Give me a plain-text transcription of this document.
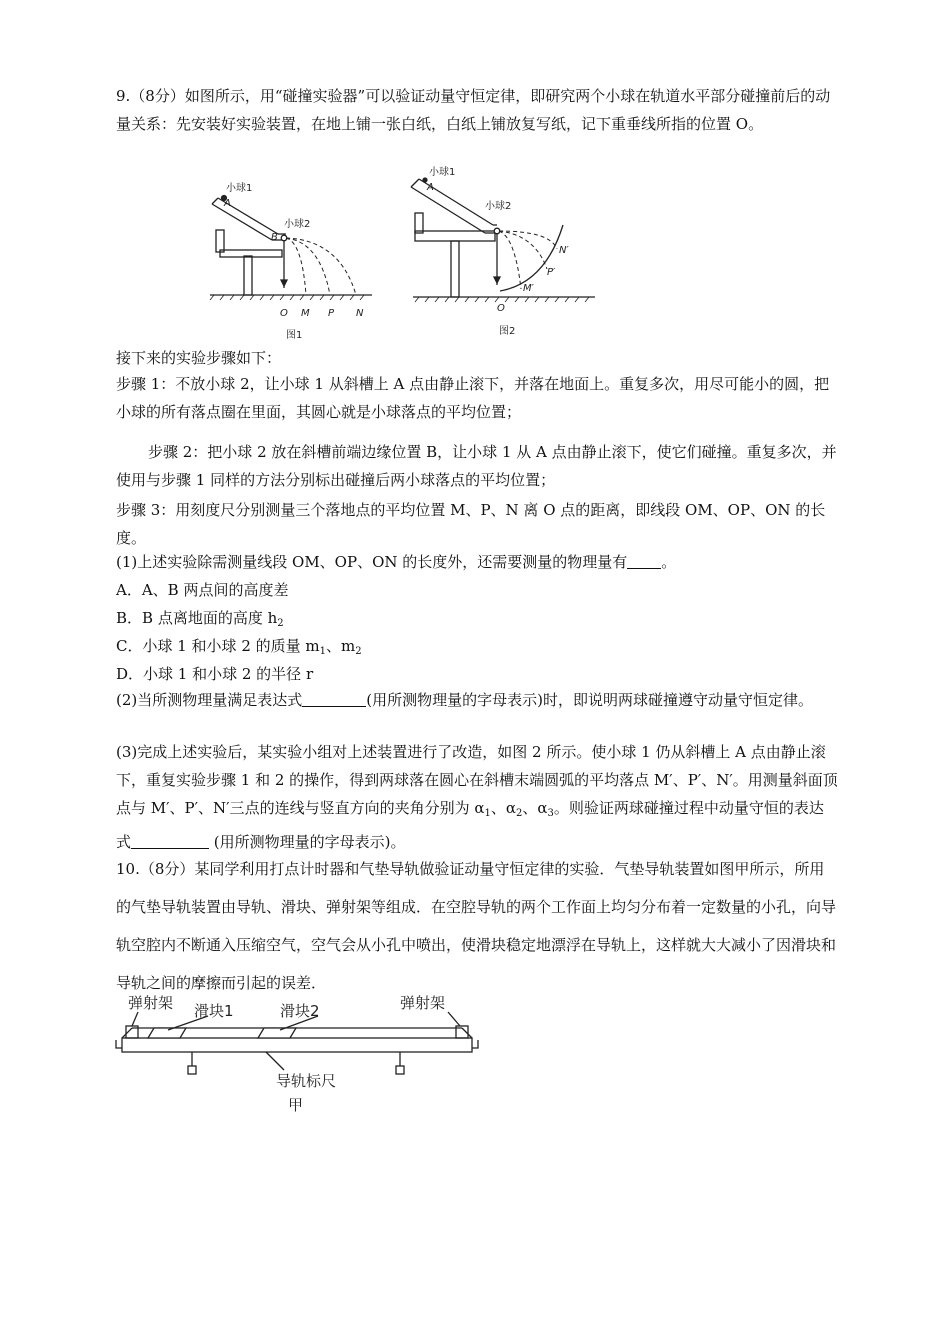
9.（8分）如图所示，用“碰撞实验器”可以验证动量守恒定律，即研究两个小球在轨道水平部分碰撞前后的动量关系：先安装好实验装置，在地上铺一张白纸，白纸上铺放复写纸，记下重垂线所指的位置 O。
小球1
A
小球2
B
O M P N
图1
小球1
A
小球2
N′
P′
M′
O
图2
接下来的实验步骤如下：
步骤 1：不放小球 2，让小球 1 从斜槽上 A 点由静止滚下，并落在地面上。重复多次，用尽可能小的圆，把小球的所有落点圈在里面，其圆心就是小球落点的平均位置；
步骤 2：把小球 2 放在斜槽前端边缘位置 B，让小球 1 从 A 点由静止滚下，使它们碰撞。重复多次，并使用与步骤 1 同样的方法分别标出碰撞后两小球落点的平均位置；
步骤 3：用刻度尺分别测量三个落地点的平均位置 M、P、N 离 O 点的距离，即线段 OM、OP、ON 的长度。
(1)上述实验除需测量线段 OM、OP、ON 的长度外，还需要测量的物理量有 。
A．A、B 两点间的高度差
B．B 点离地面的高度 $h_2$
C．小球 1 和小球 2 的质量 $m_1$、$m_2$
D．小球 1 和小球 2 的半径 r
(2)当所测物理量满足表达式	(用所测物理量的字母表示)时，即说明两球碰撞遵守动量守恒定律。
(3)完成上述实验后，某实验小组对上述装置进行了改造，如图 2 所示。使小球 1 仍从斜槽上 A 点由静止滚下，重复实验步骤 1 和 2 的操作，得到两球落在圆心在斜槽末端圆弧的平均落点 M′、P′、N′。用测量斜面顶点与 M′、P′、N′三点的连线与竖直方向的夹角分别为 $\alpha_1$、$\alpha_2$、$\alpha_3$。则验证两球碰撞过程中动量守恒的表达式	(用所测物理量的字母表示)。
10.（8分）某同学利用打点计时器和气垫导轨做验证动量守恒定律的实验．气垫导轨装置如图甲所示，所用的气垫导轨装置由导轨、滑块、弹射架等组成．在空腔导轨的两个工作面上均匀分布着一定数量的小孔，向导轨空腔内不断通入压缩空气，空气会从小孔中喷出，使滑块稳定地漂浮在导轨上，这样就大大减小了因滑块和导轨之间的摩擦而引起的误差．
弹射架 滑块1	滑块2	弹射架
导轨标尺
甲
